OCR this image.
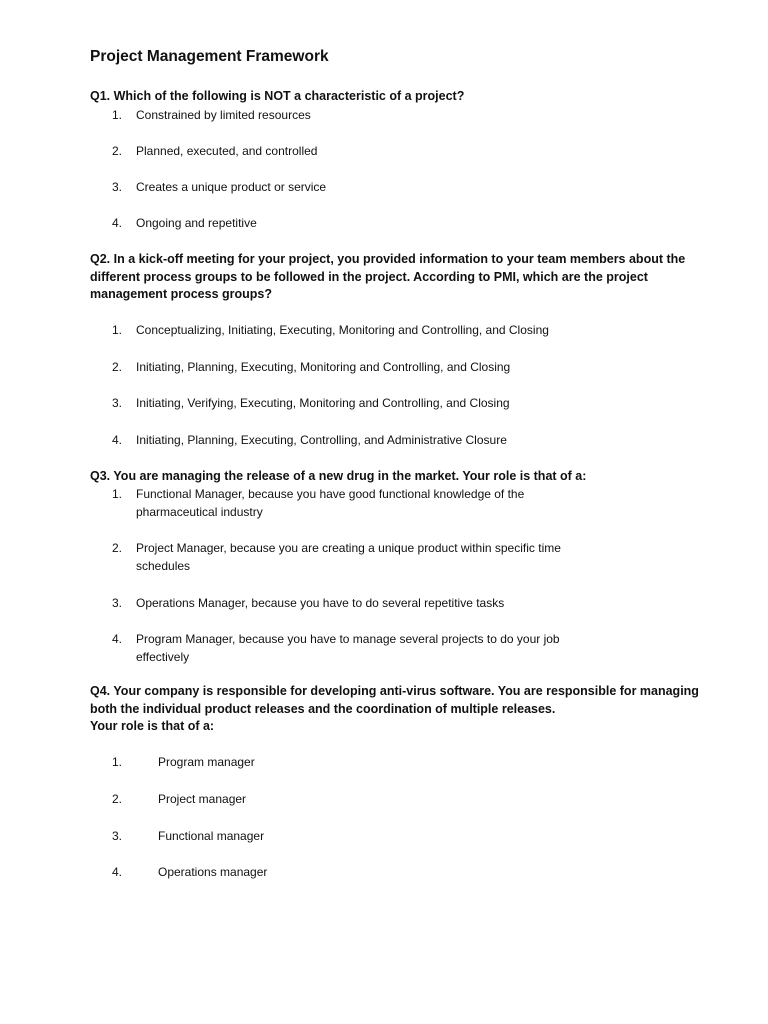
Project Management Framework
Q1. Which of the following is NOT a characteristic of a project?
1. Constrained by limited resources
2. Planned, executed, and controlled
3. Creates a unique product or service
4. Ongoing and repetitive
Q2. In a kick-off meeting for your project, you provided information to your team members about the different process groups to be followed in the project. According to PMI, which are the project management process groups?
1. Conceptualizing, Initiating, Executing, Monitoring and Controlling, and Closing
2. Initiating, Planning, Executing, Monitoring and Controlling, and Closing
3. Initiating, Verifying, Executing, Monitoring and Controlling, and Closing
4. Initiating, Planning, Executing, Controlling, and Administrative Closure
Q3. You are managing the release of a new drug in the market. Your role is that of a:
1. Functional Manager, because you have good functional knowledge of the pharmaceutical industry
2. Project Manager, because you are creating a unique product within specific time schedules
3. Operations Manager, because you have to do several repetitive tasks
4. Program Manager, because you have to manage several projects to do your job effectively
Q4. Your company is responsible for developing anti-virus software. You are responsible for managing both the individual product releases and the coordination of multiple releases.
Your role is that of a:
1.	Program manager
2.	Project manager
3.	Functional manager
4.	Operations manager
